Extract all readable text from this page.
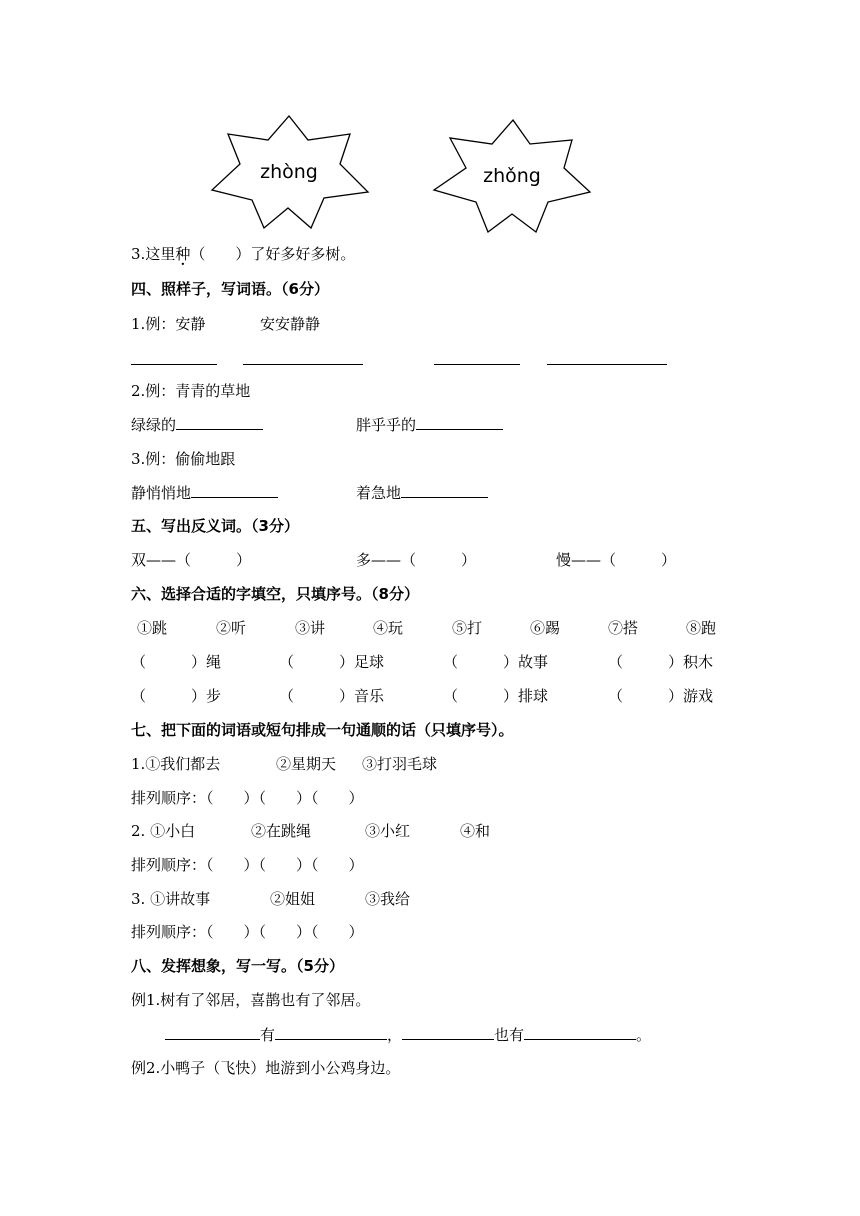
zhòng	zhǒng
3.这里种（　　）了好多好多树。
四、照样子，写词语。（6分）
1.例：安静	安安静静
2.例：青青的草地
绿绿的	胖乎乎的
3.例：偷偷地跟
静悄悄地	着急地
五、写出反义词。（3分）
双——（　　　）	多——（　　　）	慢——（　　　）
六、选择合适的字填空，只填序号。（8分）
①跳	②听	③讲	④玩	⑤打	⑥踢	⑦搭	⑧跑
（　　　）绳	（　　　）足球	（　　　）故事	（　　　）积木
（　　　）步	（　　　）音乐	（　　　）排球	（　　　）游戏
七、把下面的词语或短句排成一句通顺的话（只填序号）。
1.①我们都去	②星期天 ③打羽毛球
排列顺序：（　　）（　　）（　　）
2. ①小白	②在跳绳	③小红	④和
排列顺序：（　　）（　　）（　　）
3. ①讲故事	②姐姐	③我给
排列顺序：（　　）（　　）（　　）
八、发挥想象，写一写。（5分）
例1.树有了邻居，喜鹊也有了邻居。
有	，	也有	。
例2.小鸭子（飞快）地游到小公鸡身边。
